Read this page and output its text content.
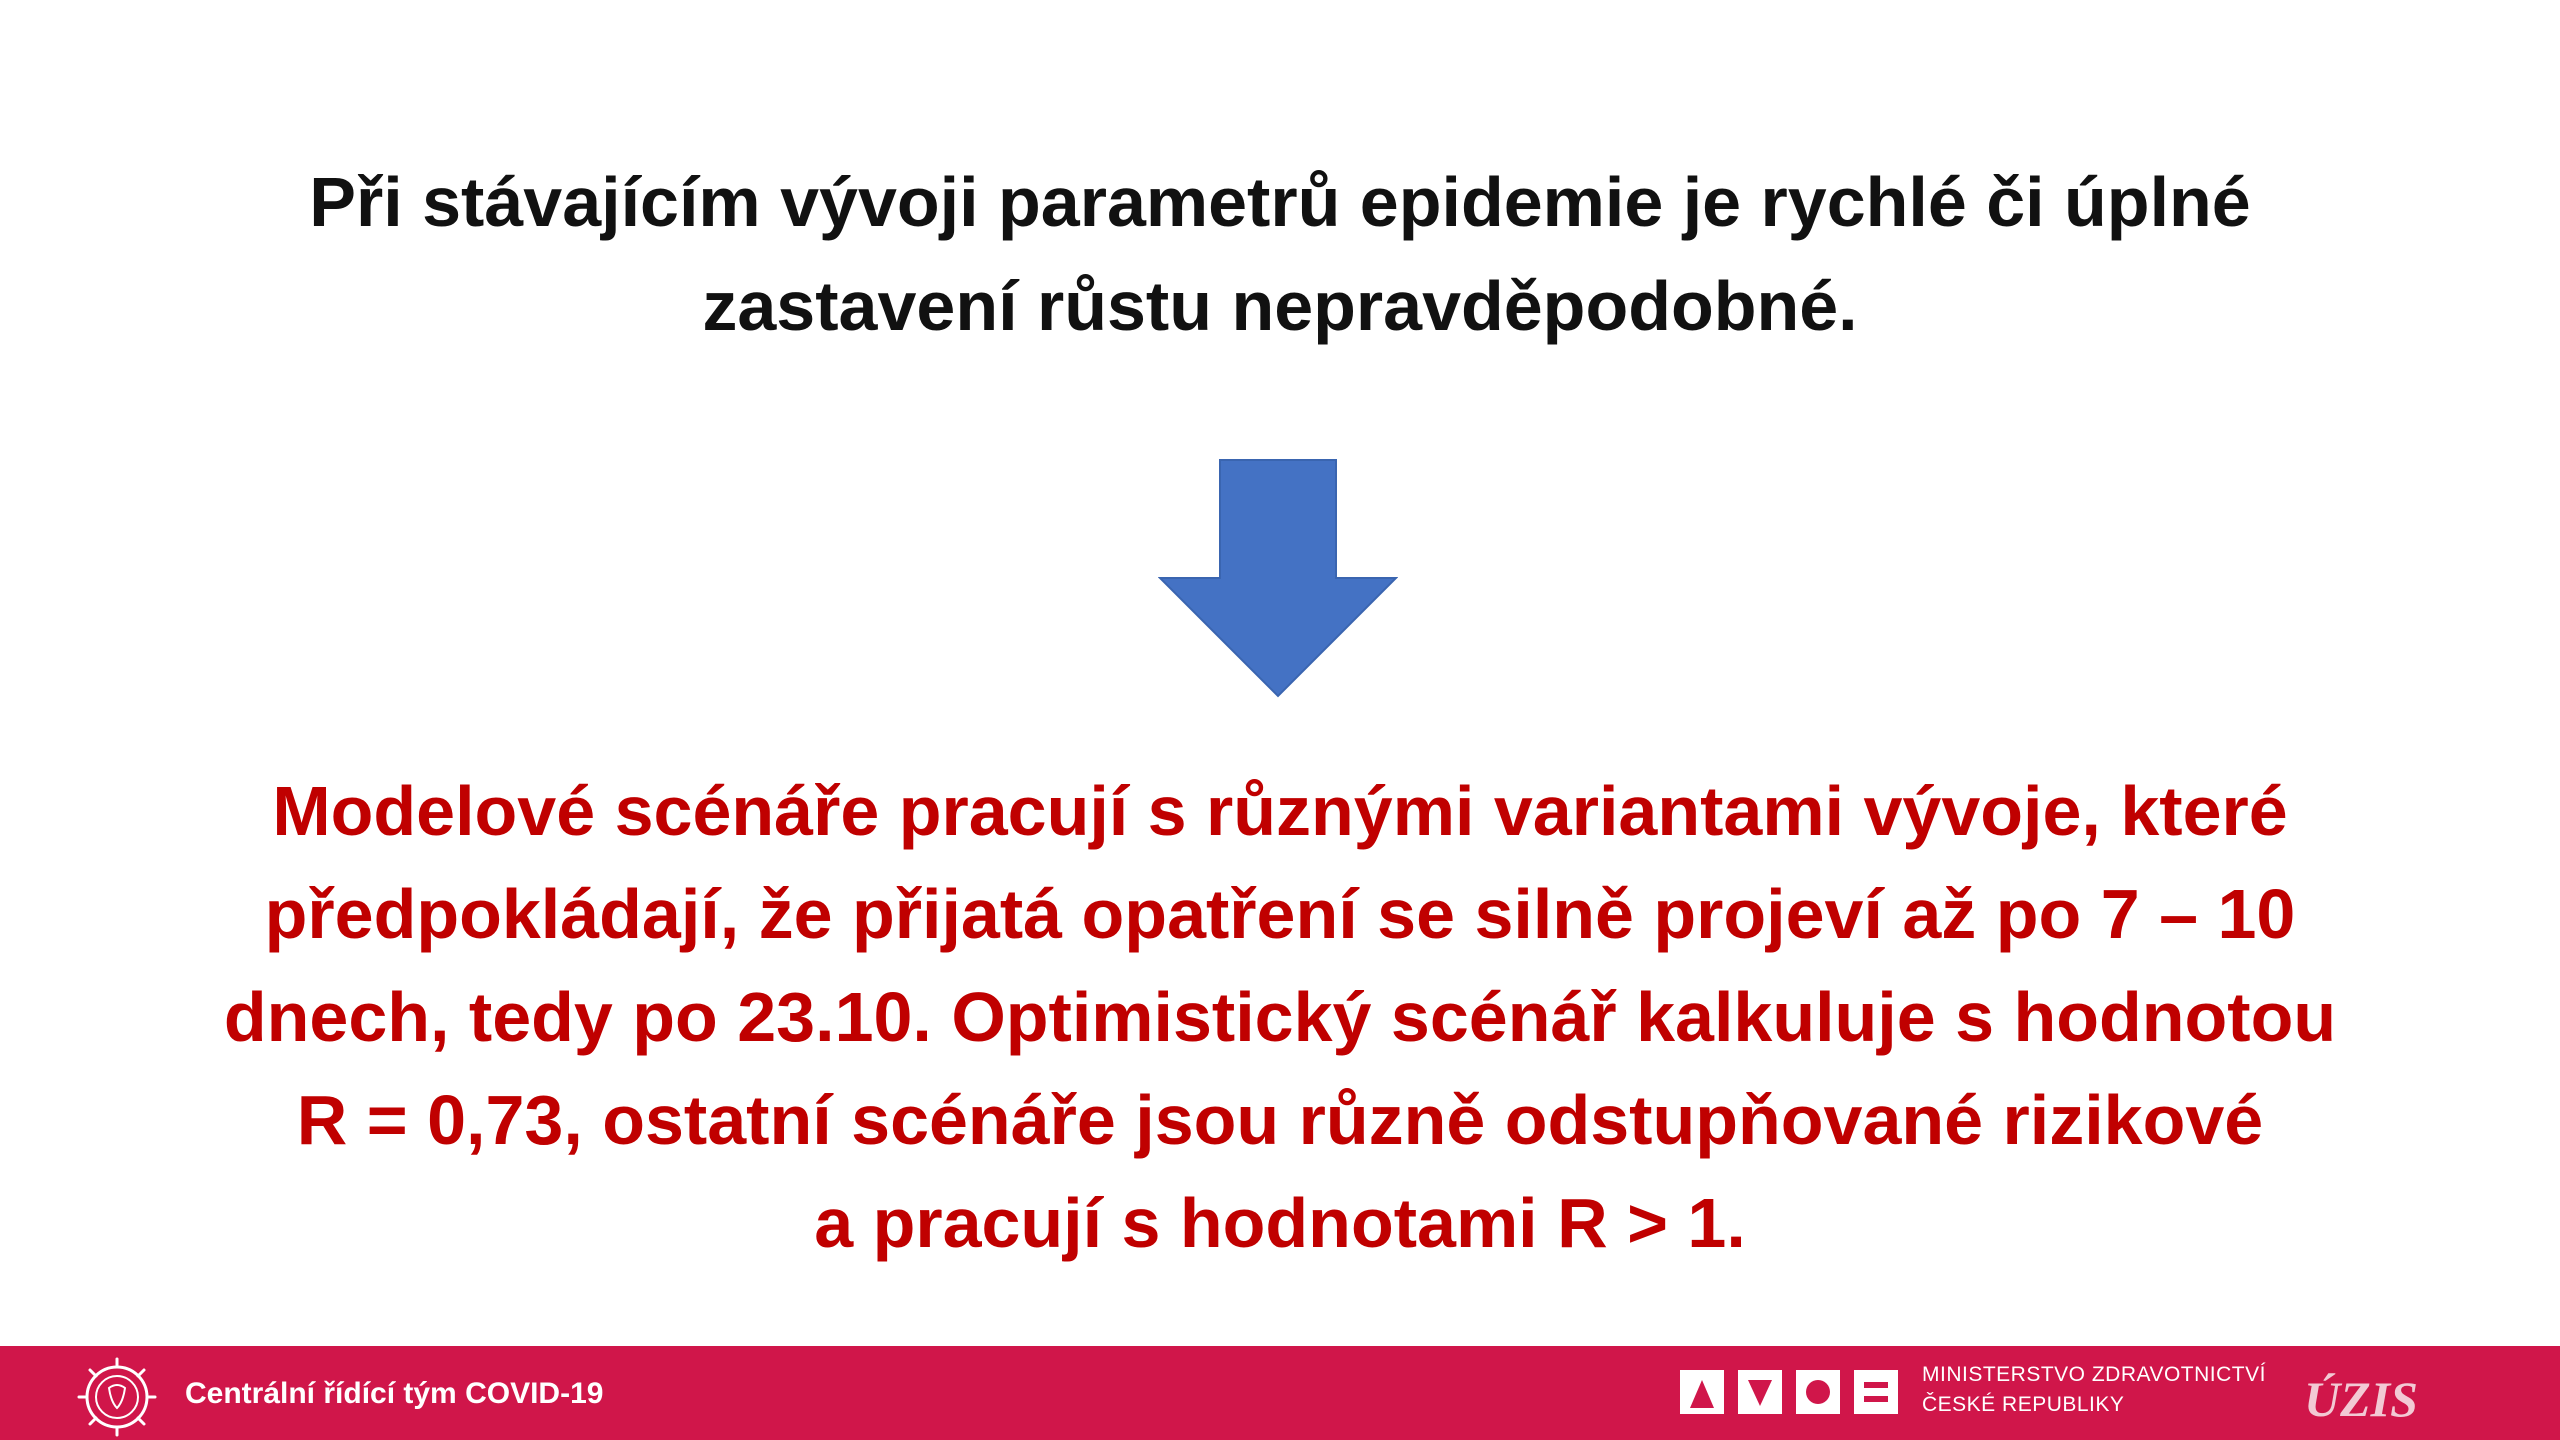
Při stávajícím vývoji parametrů epidemie je rychlé či úplné
zastavení růstu nepravděpodobné.
Modelové scénáře pracují s různými variantami vývoje, které
předpokládají, že přijatá opatření se silně projeví až po 7 – 10
dnech, tedy po 23.10. Optimistický scénář kalkuluje s hodnotou
R = 0,73, ostatní scénáře jsou různě odstupňované rizikové
a pracují s hodnotami R > 1.
Centrální řídící tým COVID-19
MINISTERSTVO ZDRAVOTNICTVÍ
ČESKÉ REPUBLIKY	ÚZIS
